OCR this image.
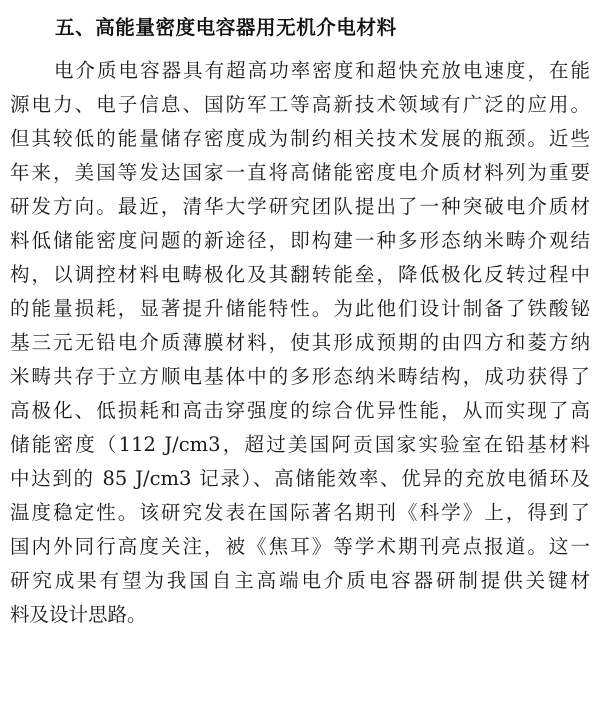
五、高能量密度电容器用无机介电材料
电介质电容器具有超高功率密度和超快充放电速度，在能
源电力、电子信息、国防军工等高新技术领域有广泛的应用。
但其较低的能量储存密度成为制约相关技术发展的瓶颈。近些
年来，美国等发达国家一直将高储能密度电介质材料列为重要
研发方向。最近，清华大学研究团队提出了一种突破电介质材
料低储能密度问题的新途径，即构建一种多形态纳米畴介观结
构，以调控材料电畴极化及其翻转能垒，降低极化反转过程中
的能量损耗，显著提升储能特性。为此他们设计制备了铁酸铋
基三元无铅电介质薄膜材料，使其形成预期的由四方和菱方纳
米畴共存于立方顺电基体中的多形态纳米畴结构，成功获得了
高极化、低损耗和高击穿强度的综合优异性能，从而实现了高
储能密度（112 J/cm3，超过美国阿贡国家实验室在铅基材料
中达到的 85 J/cm3 记录）、高储能效率、优异的充放电循环及
温度稳定性。该研究发表在国际著名期刊《科学》上，得到了
国内外同行高度关注，被《焦耳》等学术期刊亮点报道。这一
研究成果有望为我国自主高端电介质电容器研制提供关键材
料及设计思路。
